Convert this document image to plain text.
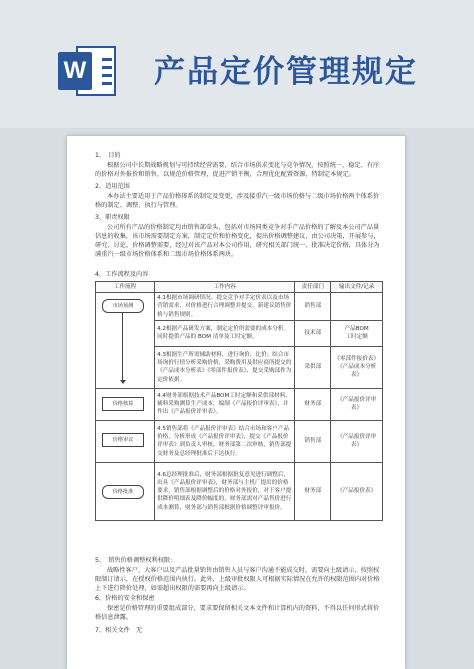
W 产品定价管理规定
1、　目的
根据公司中长期战略规划与可持续经营需要，结合市场供求变化与竞争情况，按照统一、稳定、有序的价格对外报价和销售，以规范价格管理，促进产销平衡，合理优化配置资源，特制定本规定。
2、适用范围
本办法主要适用于产品价格体系的制定及变更，涉及接重汽一级市场价格与二级市场价格两个体系价格的制定、调整、执行与管理。
3、职责权限
公司所有产品的价格制定均由销售部牵头，包括对市场同类竞争对手产品价格的了解及本公司产品量信息的收集，该市场需要制定方案，制定定价和价格变化，提出价格调整建议，由公司决策，开展参与，研究、讨论、价格调整需要，经过对该产品对本公司作用，研究相关部门统一、批准决定价格，具体分为满重汽一级市场价格体系和二级市场价格体系两块。
4、工作流程及内容
工作流程	工作内容	责任部门	输出文件/记录

市场预测	4.1根据市场调研情况、提交竞争对手定价表以及市场营销需求，对价格进行合理调整并提交，新建议销售价格与销售规则。	销售部	
	4.2根据产品研发方案，制定定价所需要的成本分析。同时提供产品的 BOM 清单及工时定额。	技术部	产品BOM
工时定额
	4.3根据生产所需辅助材料，进行询价，比价；结合市场询价行情分析采购价格，采购费用及供应商所提交的《产品成本分析表》《零部件报价表》，提交采购部作为定价依据。	采供部	《零部件报价表》《产品成本分析表》

价格核算	4.4财务部根据技术产品BOM工时定额和采供部材料、辅料采购测算生产成本，编制《产品报价评审表》，并作出《产品报价评审表》。	财务部	《产品报价评审表》

价格审议	4.5销售部将《产品报价评审表》结合市场和客户产品价格，分析形成《产品报价评审表》，提交《产品报价评审表》到负责人审核，财务部第二次审核，销售部提交财务及总经理批准后下达执行。	销售部	《产品报价评审表》

价格批准	4.6总经理批准后，财务部根据批复意见进行调整后，出具《产品报价评审表》，财务部与主机厂提出的价格要求，销售部根据调整后的价格对外报价，对于客户提供降价明细表及降价幅度的，财务部需对产品售价进行成本测算，财务部与销售部根据价格调整评审报价。	财务部	《产品报价表》
5、　销售价格调整权利权限:
战略性客户、大客户以及产品批量销售由销售人员与客户沟通不能成交时，需要向上级请示，按照权限制订请示，在授权价格范围内执行。此外，上级审批权限人可根据实际情况在允许的权限范围内对价格上下进行降价处理，如需超出权限的需要再向上级请示。
6、价格的安全和保密
保密是价格管理的重要组成部分，要求要保留相关文本文件和计算机内的资料，不得以任何形式将价格信息泄露。
7、相关文件　无
